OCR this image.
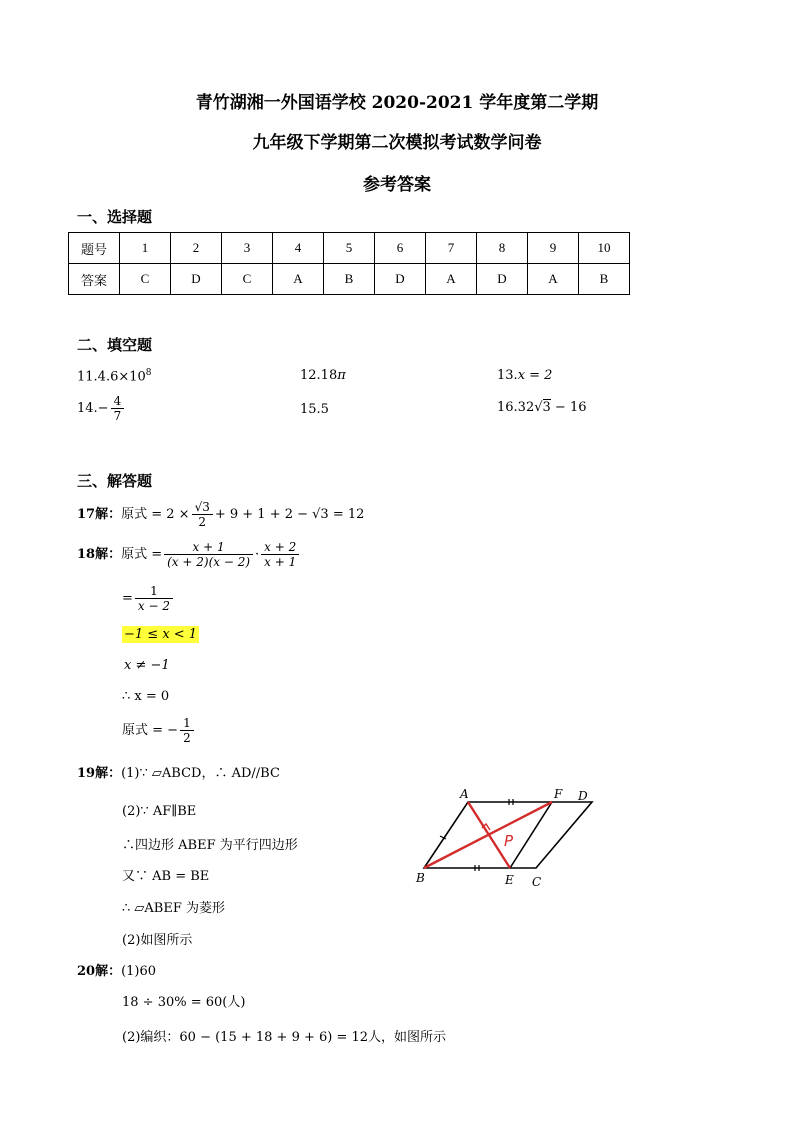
青竹湖湘一外国语学校 2020-2021 学年度第二学期
九年级下学期第二次模拟考试数学问卷
参考答案
一、选择题
题号	1	2	3	4	5	6	7	8	9	10
答案	C	D	C	A	B	D	A	D	A	B
二、填空题
$11.4.6\times 10^8$	12.18π	13.x = 2
$14.- \frac{4}{7}$	15.5	16.32√3 − 16
三、解答题
17解：原式 = $2 \times \frac{√3}{2} + 9 + 1 + 2 - √3 = 12$
18解：原式 = $\frac{x + 1}{(x + 2)(x - 2)} \cdot \frac{x + 2}{x + 1}$
= $\frac{1}{x - 2}$
−1 ≤ x < 1
x ≠ −1
∴ x = 0
原式 = − $\frac{1}{2}$
19解：(1)∵ ▱ABCD，∴ AD//BC
(2)∵ AF∥BE
∴四边形 ABEF 为平行四边形
又∵ AB = BE
∴ ▱ABEF 为菱形
(2)如图所示
A	F D
B	E C
P
20解：(1)60
18 ÷ 30% = 60(人)
(2)编织：60 − (15 + 18 + 9 + 6) = 12人，如图所示
